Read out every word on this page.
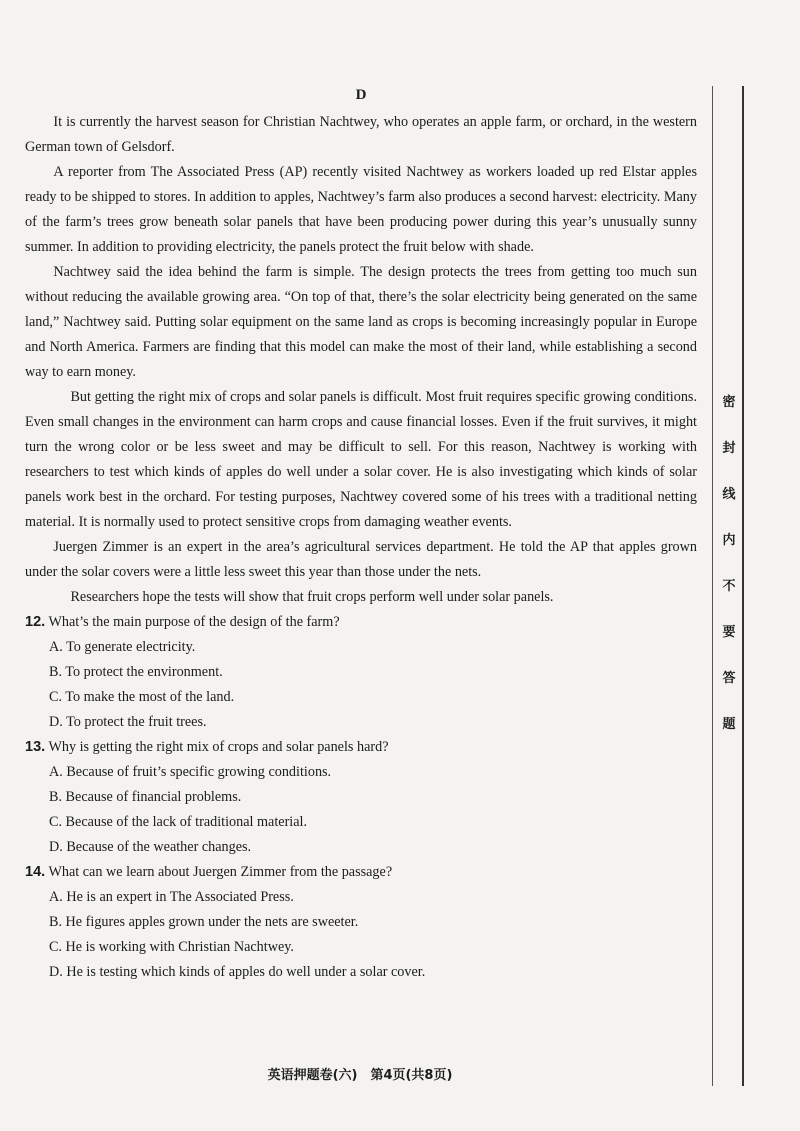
D

It is currently the harvest season for Christian Nachtwey, who operates an apple farm, or orchard, in the western German town of Gelsdorf.

A reporter from The Associated Press (AP) recently visited Nachtwey as workers loaded up red Elstar apples ready to be shipped to stores. In addition to apples, Nachtwey’s farm also produces a second harvest: electricity. Many of the farm’s trees grow beneath solar panels that have been producing power during this year’s unusually sunny summer. In addition to providing electricity, the panels protect the fruit below with shade.

Nachtwey said the idea behind the farm is simple. The design protects the trees from getting too much sun without reducing the available growing area. “On top of that, there’s the solar electricity being generated on the same land,” Nachtwey said. Putting solar equipment on the same land as crops is becoming increasingly popular in Europe and North America. Farmers are finding that this model can make the most of their land, while establishing a second way to earn money.

But getting the right mix of crops and solar panels is difficult. Most fruit requires specific growing conditions. Even small changes in the environment can harm crops and cause financial losses. Even if the fruit survives, it might turn the wrong color or be less sweet and may be difficult to sell. For this reason, Nachtwey is working with researchers to test which kinds of apples do well under a solar cover. He is also investigating which kinds of solar panels work best in the orchard. For testing purposes, Nachtwey covered some of his trees with a traditional netting material. It is normally used to protect sensitive crops from damaging weather events.

Juergen Zimmer is an expert in the area’s agricultural services department. He told the AP that apples grown under the solar covers were a little less sweet this year than those under the nets.

Researchers hope the tests will show that fruit crops perform well under solar panels.

12. What’s the main purpose of the design of the farm?
A. To generate electricity.
B. To protect the environment.
C. To make the most of the land.
D. To protect the fruit trees.
13. Why is getting the right mix of crops and solar panels hard?
A. Because of fruit’s specific growing conditions.
B. Because of financial problems.
C. Because of the lack of traditional material.
D. Because of the weather changes.
14. What can we learn about Juergen Zimmer from the passage?
A. He is an expert in The Associated Press.
B. He figures apples grown under the nets are sweeter.
C. He is working with Christian Nachtwey.
D. He is testing which kinds of apples do well under a solar cover.
密
封
线
内
不
要
答
题
英语押题卷(六)　第4页(共8页)
